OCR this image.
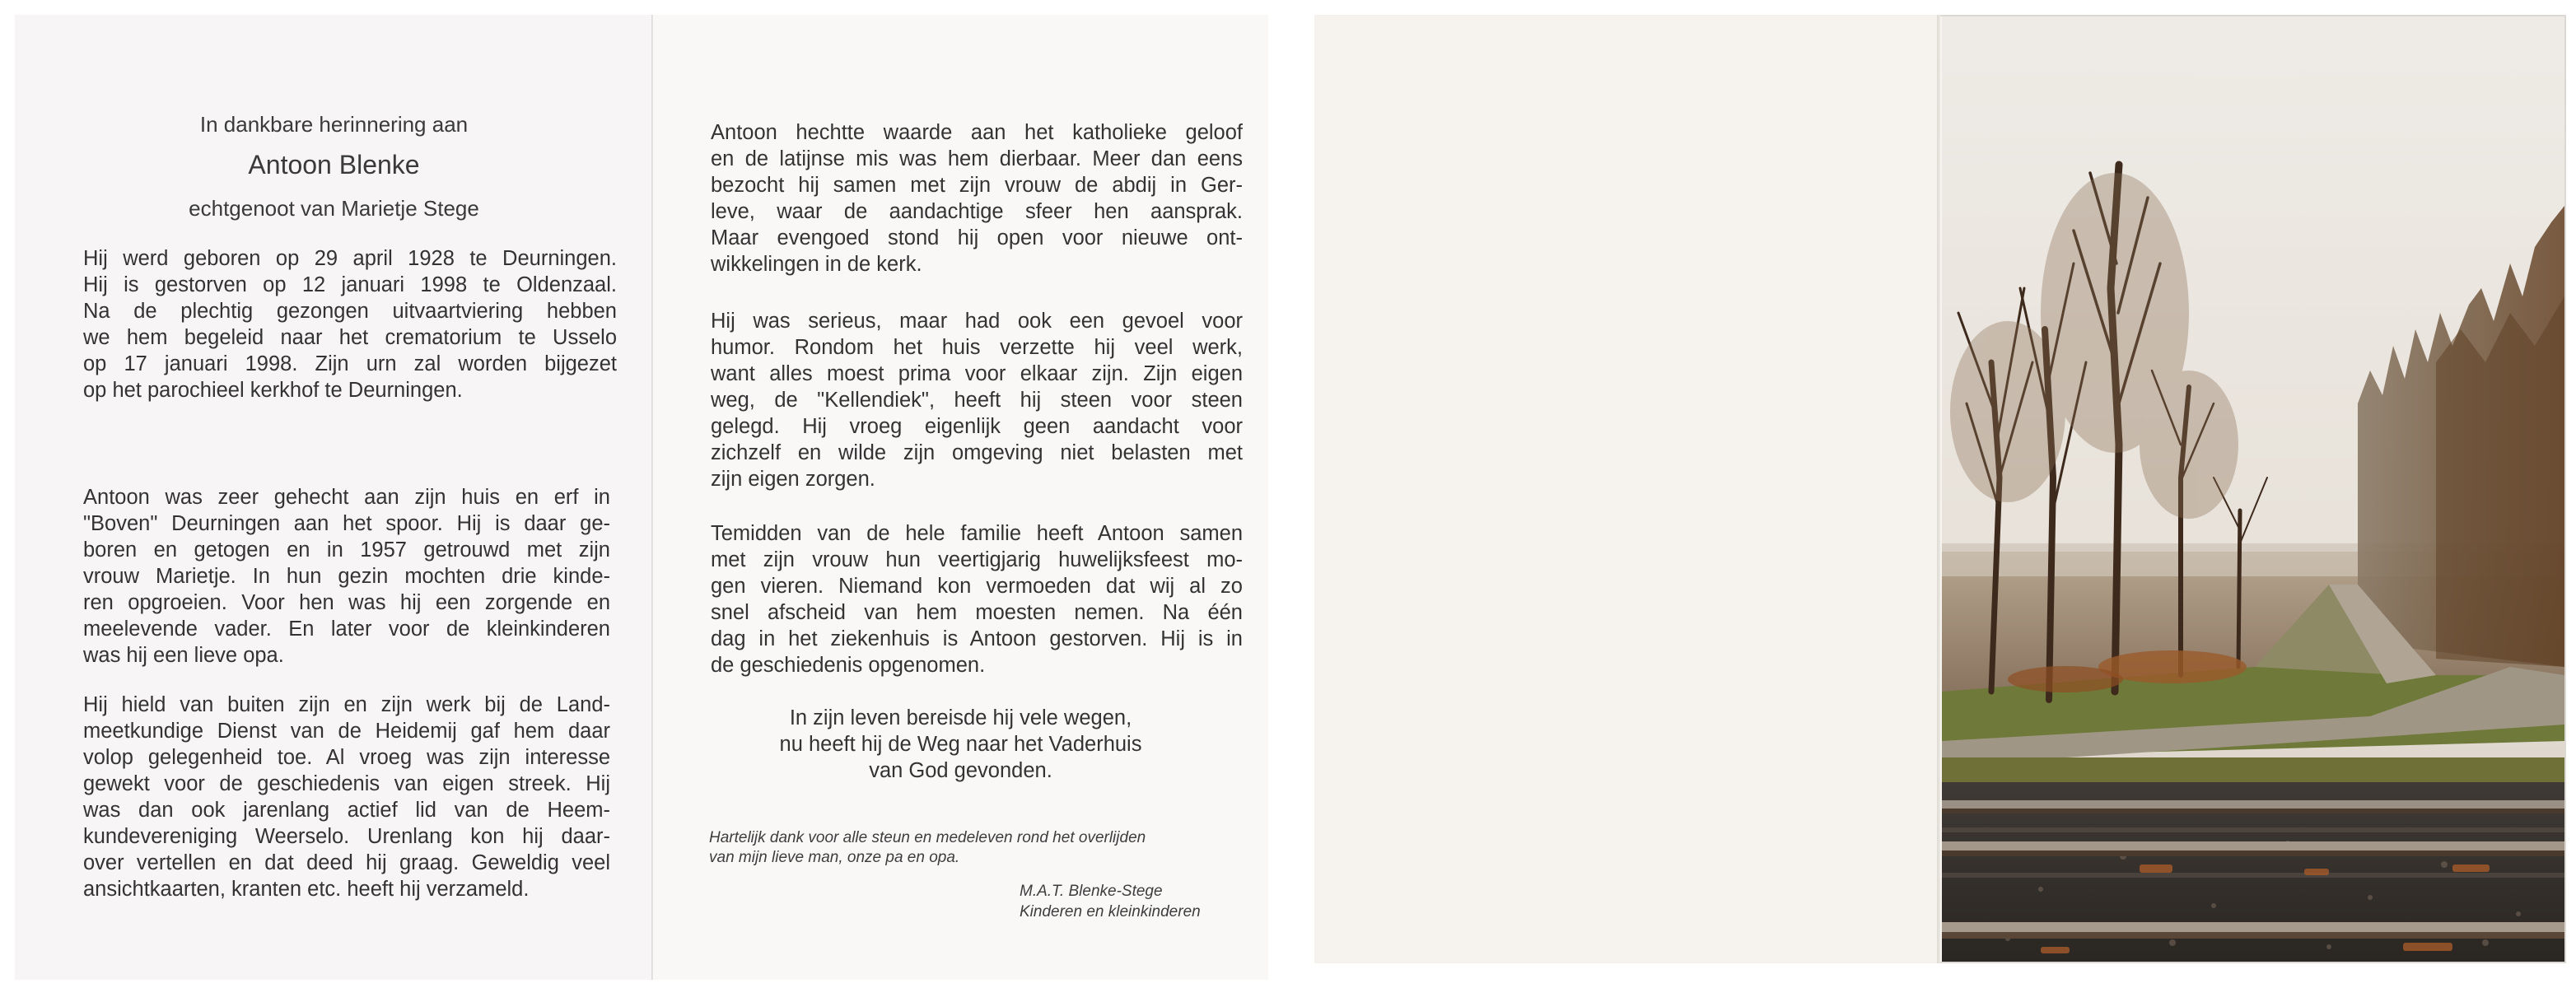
In dankbare herinnering aan
Antoon Blenke
echtgenoot van Marietje Stege
Hij werd geboren op 29 april 1928 te Deurningen.
Hij is gestorven op 12 januari 1998 te Oldenzaal.
Na de plechtig gezongen uitvaartviering hebben
we hem begeleid naar het crematorium te Usselo
op 17 januari 1998. Zijn urn zal worden bijgezet
op het parochieel kerkhof te Deurningen.
Antoon was zeer gehecht aan zijn huis en erf in
"Boven" Deurningen aan het spoor. Hij is daar ge-
boren en getogen en in 1957 getrouwd met zijn
vrouw Marietje. In hun gezin mochten drie kinde-
ren opgroeien. Voor hen was hij een zorgende en
meelevende vader. En later voor de kleinkinderen
was hij een lieve opa.
Hij hield van buiten zijn en zijn werk bij de Land-
meetkundige Dienst van de Heidemij gaf hem daar
volop gelegenheid toe. Al vroeg was zijn interesse
gewekt voor de geschiedenis van eigen streek. Hij
was dan ook jarenlang actief lid van de Heem-
kundevereniging Weerselo. Urenlang kon hij daar-
over vertellen en dat deed hij graag. Geweldig veel
ansichtkaarten, kranten etc. heeft hij verzameld.
Antoon hechtte waarde aan het katholieke geloof
en de latijnse mis was hem dierbaar. Meer dan eens
bezocht hij samen met zijn vrouw de abdij in Ger-
leve, waar de aandachtige sfeer hen aansprak.
Maar evengoed stond hij open voor nieuwe ont-
wikkelingen in de kerk.
Hij was serieus, maar had ook een gevoel voor
humor. Rondom het huis verzette hij veel werk,
want alles moest prima voor elkaar zijn. Zijn eigen
weg, de "Kellendiek", heeft hij steen voor steen
gelegd. Hij vroeg eigenlijk geen aandacht voor
zichzelf en wilde zijn omgeving niet belasten met
zijn eigen zorgen.
Temidden van de hele familie heeft Antoon samen
met zijn vrouw hun veertigjarig huwelijksfeest mo-
gen vieren. Niemand kon vermoeden dat wij al zo
snel afscheid van hem moesten nemen. Na één
dag in het ziekenhuis is Antoon gestorven. Hij is in
de geschiedenis opgenomen.
In zijn leven bereisde hij vele wegen,
nu heeft hij de Weg naar het Vaderhuis
van God gevonden.
Hartelijk dank voor alle steun en medeleven rond het overlijden
van mijn lieve man, onze pa en opa.
M.A.T. Blenke-Stege
Kinderen en kleinkinderen
